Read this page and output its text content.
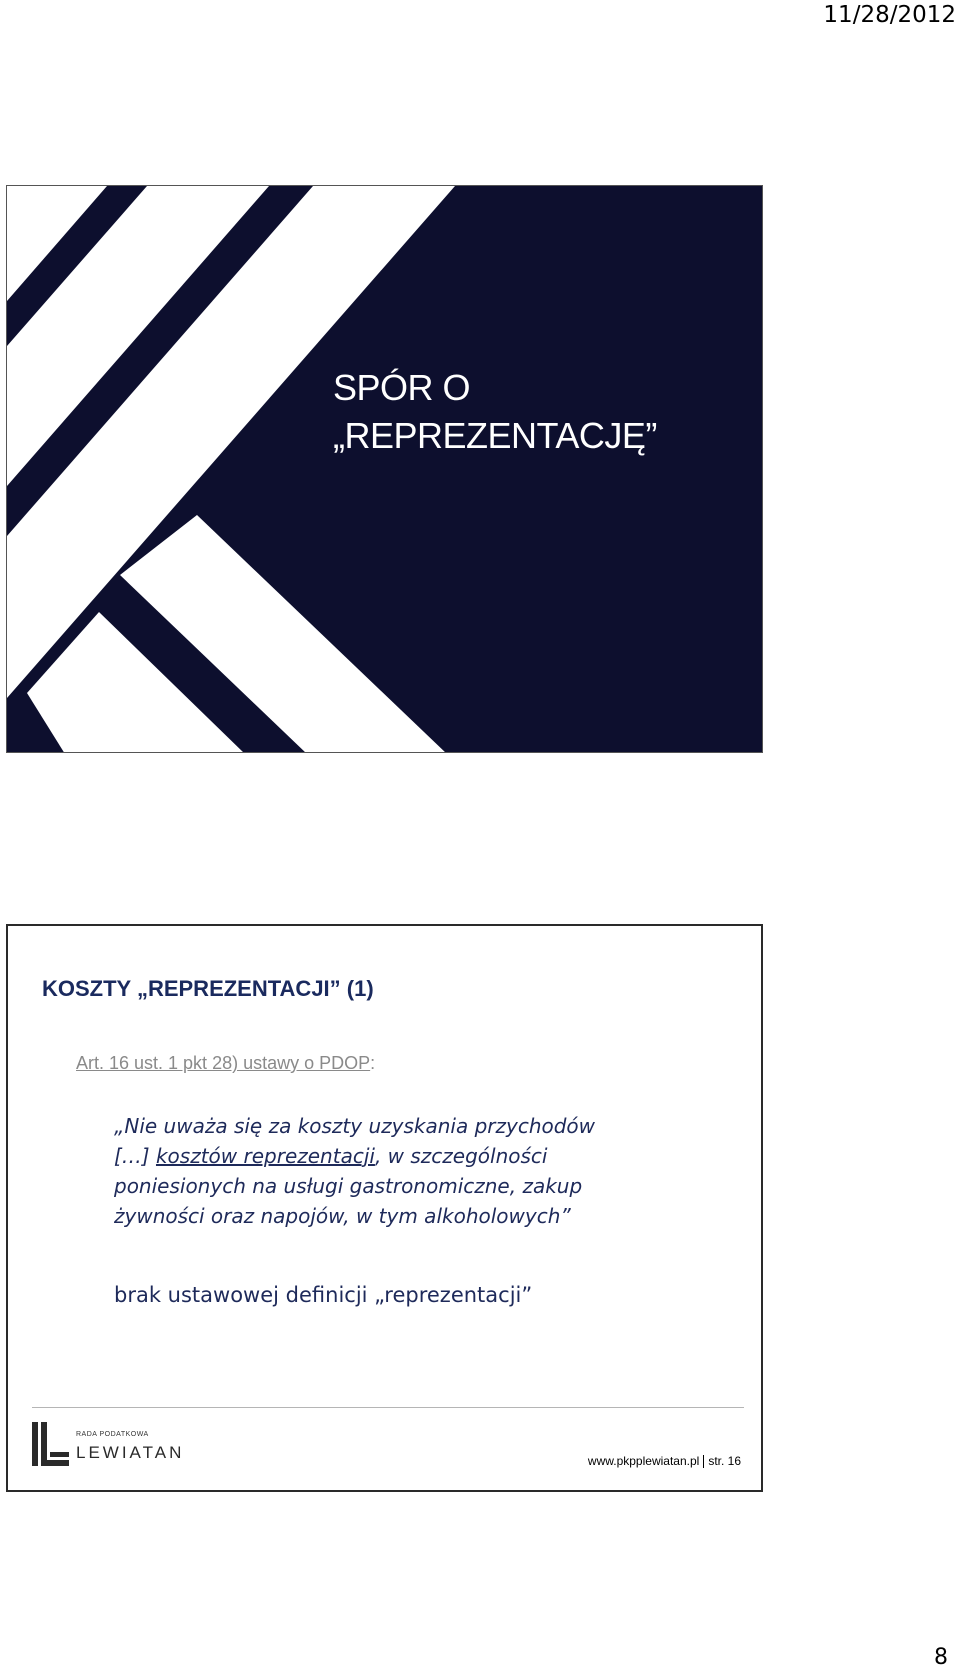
11/28/2012
SPÓR O
„REPREZENTACJĘ”
KOSZTY „REPREZENTACJI” (1)
Art. 16 ust. 1 pkt 28) ustawy o PDOP:
„Nie uważa się za koszty uzyskania przychodów
[…] kosztów reprezentacji, w szczególności
poniesionych na usługi gastronomiczne, zakup
żywności oraz napojów, w tym alkoholowych”
brak ustawowej definicji „reprezentacji”
RADA PODATKOWA
LEWIATAN	www.pkpplewiatan.pl str. 16
8
